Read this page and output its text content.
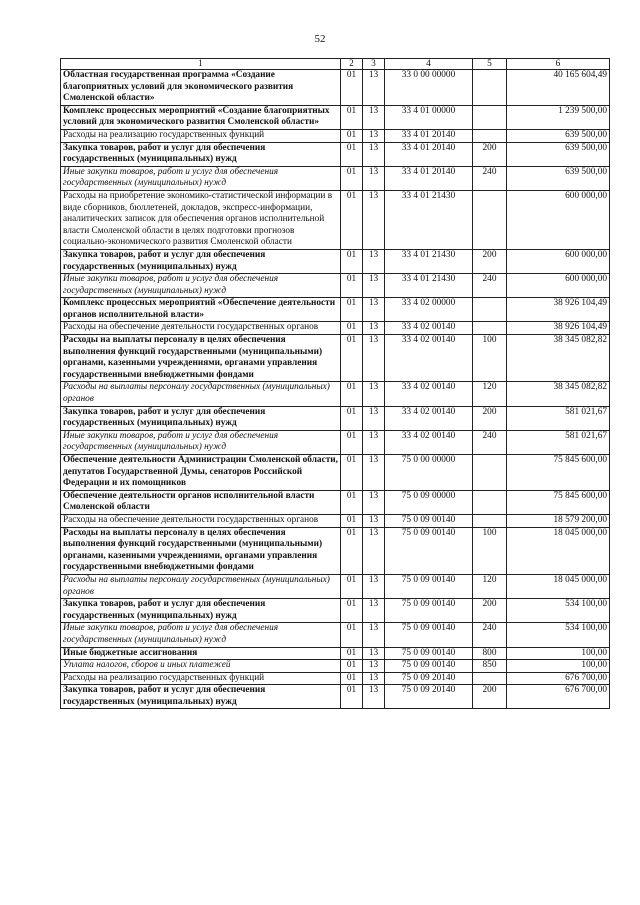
52
1	2	3	4	5	6
Областная государственная программа «Создание благоприятных условий для экономического развития Смоленской области»	01	13	33 0 00 00000		40 165 604,49
Комплекс процессных мероприятий «Создание благоприятных условий для экономического развития Смоленской области»	01	13	33 4 01 00000		1 239 500,00
Расходы на реализацию государственных функций	01	13	33 4 01 20140		639 500,00
Закупка товаров, работ и услуг для обеспечения государственных (муниципальных) нужд	01	13	33 4 01 20140	200	639 500,00
Иные закупки товаров, работ и услуг для обеспечения государственных (муниципальных) нужд	01	13	33 4 01 20140	240	639 500,00
Расходы на приобретение экономико-статистической информации в виде сборников, бюллетеней, докладов, экспресс-информации, аналитических записок для обеспечения органов исполнительной власти Смоленской области в целях подготовки прогнозов социально-экономического развития Смоленской области	01	13	33 4 01 21430		600 000,00
Закупка товаров, работ и услуг для обеспечения государственных (муниципальных) нужд	01	13	33 4 01 21430	200	600 000,00
Иные закупки товаров, работ и услуг для обеспечения государственных (муниципальных) нужд	01	13	33 4 01 21430	240	600 000,00
Комплекс процессных мероприятий «Обеспечение деятельности органов исполнительной власти»	01	13	33 4 02 00000		38 926 104,49
Расходы на обеспечение деятельности государственных органов	01	13	33 4 02 00140		38 926 104,49
Расходы на выплаты персоналу в целях обеспечения выполнения функций государственными (муниципальными) органами, казенными учреждениями, органами управления государственными внебюджетными фондами	01	13	33 4 02 00140	100	38 345 082,82
Расходы на выплаты персоналу государственных (муниципальных) органов	01	13	33 4 02 00140	120	38 345 082,82
Закупка товаров, работ и услуг для обеспечения государственных (муниципальных) нужд	01	13	33 4 02 00140	200	581 021,67
Иные закупки товаров, работ и услуг для обеспечения государственных (муниципальных) нужд	01	13	33 4 02 00140	240	581 021,67
Обеспечение деятельности Администрации Смоленской области, депутатов Государственной Думы, сенаторов Российской Федерации и их помощников	01	13	75 0 00 00000		75 845 600,00
Обеспечение деятельности органов исполнительной власти Смоленской области	01	13	75 0 09 00000		75 845 600,00
Расходы на обеспечение деятельности государственных органов	01	13	75 0 09 00140		18 579 200,00
Расходы на выплаты персоналу в целях обеспечения выполнения функций государственными (муниципальными) органами, казенными учреждениями, органами управления государственными внебюджетными фондами	01	13	75 0 09 00140	100	18 045 000,00
Расходы на выплаты персоналу государственных (муниципальных) органов	01	13	75 0 09 00140	120	18 045 000,00
Закупка товаров, работ и услуг для обеспечения государственных (муниципальных) нужд	01	13	75 0 09 00140	200	534 100,00
Иные закупки товаров, работ и услуг для обеспечения государственных (муниципальных) нужд	01	13	75 0 09 00140	240	534 100,00
Иные бюджетные ассигнования	01	13	75 0 09 00140	800	100,00
Уплата налогов, сборов и иных платежей	01	13	75 0 09 00140	850	100,00
Расходы на реализацию государственных функций	01	13	75 0 09 20140		676 700,00
Закупка товаров, работ и услуг для обеспечения государственных (муниципальных) нужд	01	13	75 0 09 20140	200	676 700,00
